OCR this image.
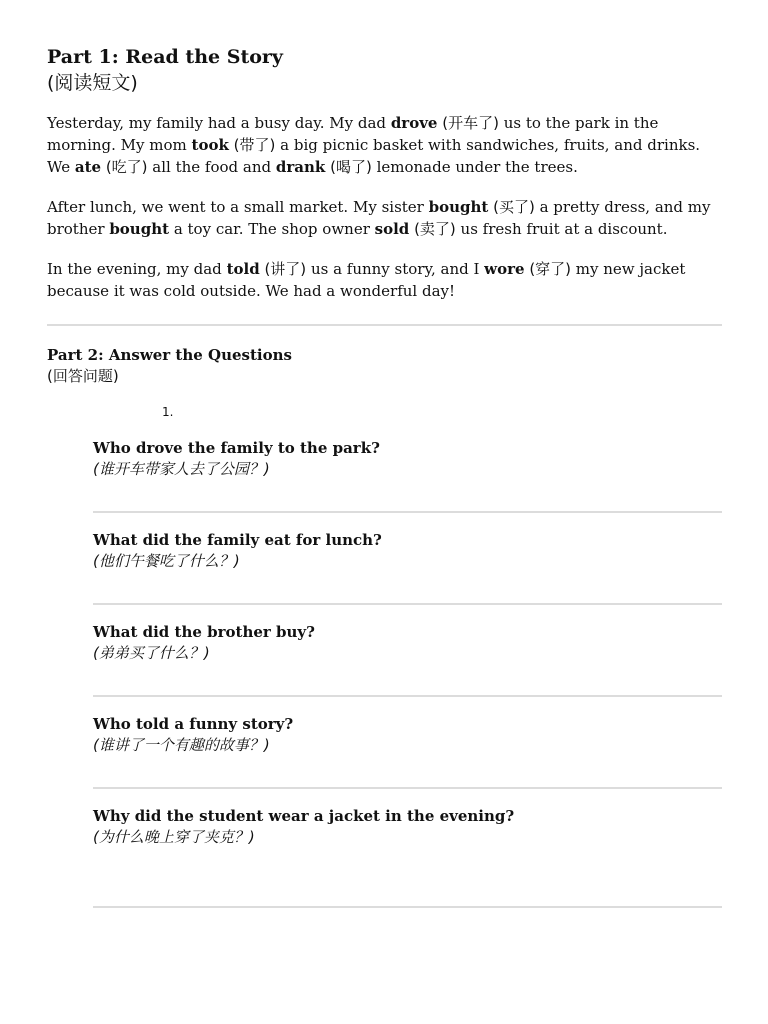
Part 1: Read the Story
(阅读短文)

Yesterday, my family had a busy day. My dad drove (开车了) us to the park in the morning. My mom took (带了) a big picnic basket with sandwiches, fruits, and drinks. We ate (吃了) all the food and drank (喝了) lemonade under the trees.

After lunch, we went to a small market. My sister bought (买了) a pretty dress, and my brother bought a toy car. The shop owner sold (卖了) us fresh fruit at a discount.

In the evening, my dad told (讲了) us a funny story, and I wore (穿了) my new jacket because it was cold outside. We had a wonderful day!

Part 2: Answer the Questions
(回答问题)
1.
Who drove the family to the park?
(谁开车带家人去了公园？)
What did the family eat for lunch?
(他们午餐吃了什么？)
What did the brother buy?
(弟弟买了什么？)
Who told a funny story?
(谁讲了一个有趣的故事？)
Why did the student wear a jacket in the evening?
(为什么晚上穿了夹克？)
